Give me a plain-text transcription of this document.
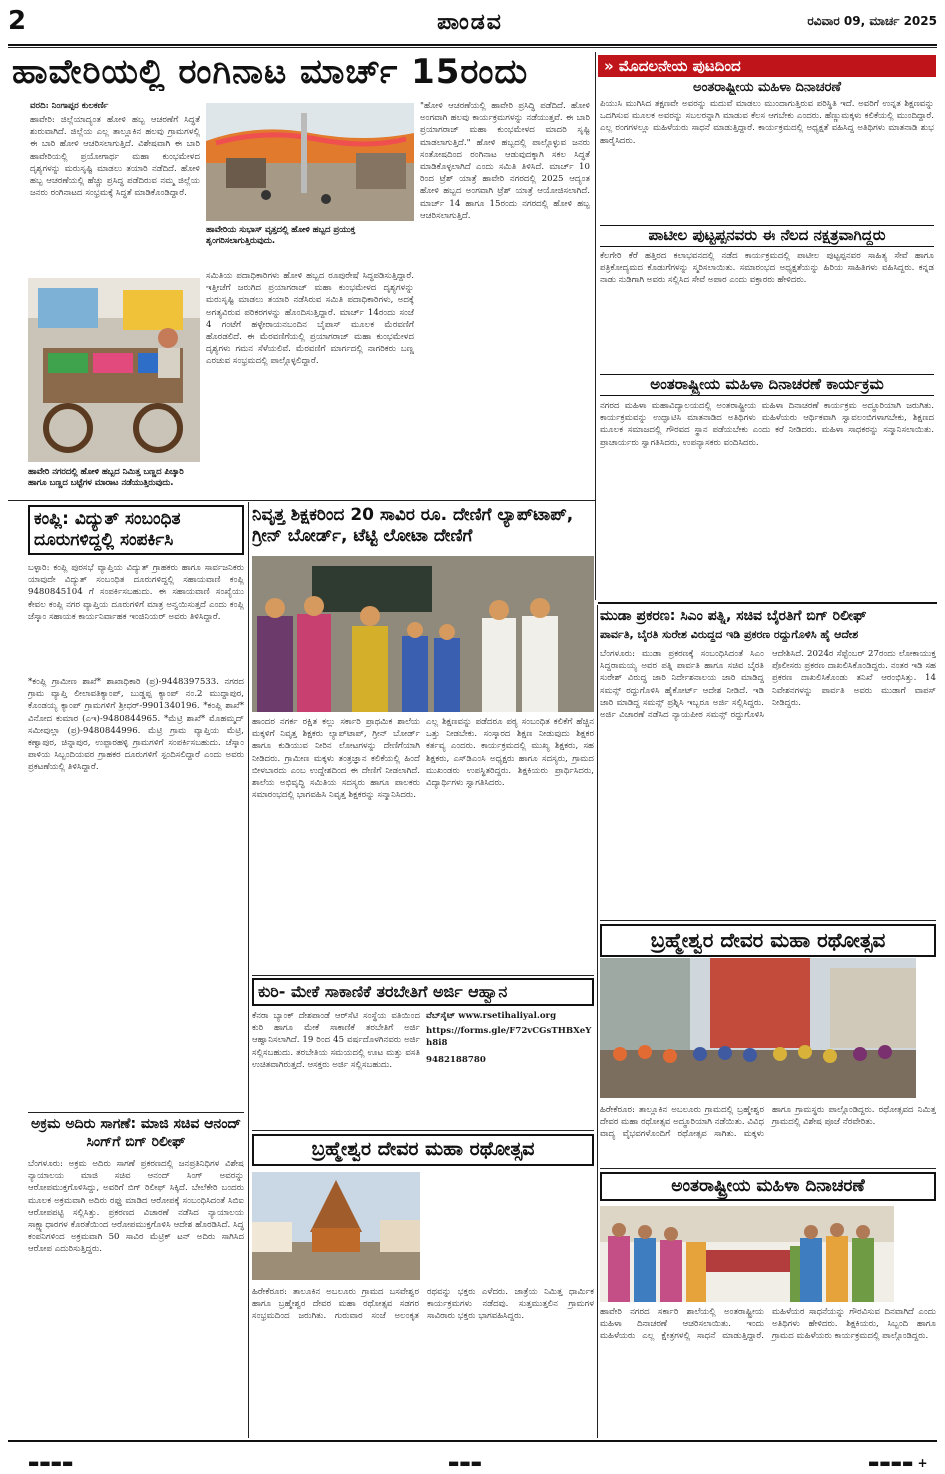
2	ಪಾಂಡವ	ರವಿವಾರ 09, ಮಾರ್ಚ 2025
ಹಾವೇರಿಯಲ್ಲಿ ರಂಗಿನಾಟ ಮಾರ್ಚ್ 15ರಂದು
ವರದಿ: ನಿಂಗಾಪ್ಪರ ಕುಲಕರ್ಣಿ
ಹಾವೇರಿ: ಜಿಲ್ಲೆಯಾದ್ಯಂತ ಹೋಳಿ ಹಬ್ಬ ಆಚರಣೆಗೆ ಸಿದ್ಧತೆ ಶುರುವಾಗಿದೆ. ಜಿಲ್ಲೆಯ ಎಲ್ಲ ತಾಲ್ಲೂಕಿನ ಹಲವು ಗ್ರಾಮಗಳಲ್ಲಿ ಈ ಬಾರಿ ಹೋಳಿ ಆಚರಿಸಲಾಗುತ್ತಿದೆ. ವಿಶೇಷವಾಗಿ ಈ ಬಾರಿ ಹಾವೇರಿಯಲ್ಲಿ ಪ್ರಯೋಗಾರ್ಥ ಮಹಾ ಕುಂಭಮೇಳದ ದೃಶ್ಯಗಳನ್ನು ಮರುಸೃಷ್ಟಿ ಮಾಡಲು ತಯಾರಿ ನಡೆದಿದೆ. ಹೋಳಿ ಹಬ್ಬ ಆಚರಣೆಯಲ್ಲಿ ಹೆಚ್ಚು ಪ್ರಸಿದ್ಧ ಪಡೆದಿರುವ ನಮ್ಮ ಜಿಲ್ಲೆಯ ಜನರು ರಂಗಿನಾಟದ ಸಂಭ್ರಮಕ್ಕೆ ಸಿದ್ಧತೆ ಮಾಡಿಕೊಂಡಿದ್ದಾರೆ.
ಹಾವೇರಿಯ ಸುಭಾಸ್ ವೃತ್ತದಲ್ಲಿ ಹೋಳಿ ಹಬ್ಬದ ಪ್ರಯುಕ್ತ ಶೃಂಗರಿಸಲಾಗುತ್ತಿರುವುದು.
ಹಾವೇರಿ ನಗರದಲ್ಲಿ ಹೋಳಿ ಹಬ್ಬದ ನಿಮಿತ್ತ ಬಣ್ಣದ ಪಿಚ್ಕಾರಿ ಹಾಗೂ ಬಣ್ಣದ ಬಟ್ಟೆಗಳ ಮಾರಾಟ ನಡೆಯುತ್ತಿರುವುದು.
ಸಮಿತಿಯ ಪದಾಧಿಕಾರಿಗಳು ಹೋಳಿ ಹಬ್ಬದ ರೂಪುರೇಷೆ ಸಿದ್ಧಪಡಿಸುತ್ತಿದ್ದಾರೆ. ಇತ್ತೀಚೆಗೆ ಜರುಗಿದ ಪ್ರಯಾಗರಾಜ್ ಮಹಾ ಕುಂಭಮೇಳದ ದೃಶ್ಯಗಳನ್ನು ಮರುಸೃಷ್ಟಿ ಮಾಡಲು ತಯಾರಿ ನಡೆಸಿರುವ ಸಮಿತಿ ಪದಾಧಿಕಾರಿಗಳು, ಅದಕ್ಕೆ ಅಗತ್ಯವಿರುವ ಪರಿಕರಗಳನ್ನು ಹೊಂದಿಸುತ್ತಿದ್ದಾರೆ. ಮಾರ್ಚ್ 14ರಂದು ಸಂಜೆ 4 ಗಂಟೆಗೆ ಹಳ್ಳೇರಾಯನಬಂದಿನ ಬೈಪಾಸ್ ಮೂಲಕ ಮೆರವಣಿಗೆ ಹೊರಡಲಿದೆ. ಈ ಮೆರವಣಿಗೆಯಲ್ಲಿ ಪ್ರಯಾಗರಾಜ್ ಮಹಾ ಕುಂಭಮೇಳದ ದೃಶ್ಯಗಳು ಗಮನ ಸೆಳೆಯಲಿವೆ. ಮೆರವಣಿಗೆ ಮಾರ್ಗದಲ್ಲಿ ನಾಗರಿಕರು ಬಣ್ಣ ಎರಚುವ ಸಂಭ್ರಮದಲ್ಲಿ ಪಾಲ್ಗೊಳ್ಳಲಿದ್ದಾರೆ.
"ಹೋಳಿ ಆಚರಣೆಯಲ್ಲಿ ಹಾವೇರಿ ಪ್ರಸಿದ್ಧಿ ಪಡೆದಿದೆ. ಹೋಳಿ ಅಂಗವಾಗಿ ಹಲವು ಕಾರ್ಯಕ್ರಮಗಳನ್ನು ನಡೆಯುತ್ತವೆ. ಈ ಬಾರಿ ಪ್ರಯಾಗರಾಜ್ ಮಹಾ ಕುಂಭಮೇಳದ ಮಾದರಿ ಸೃಷ್ಟಿ ಮಾಡಲಾಗುತ್ತಿದೆ." ಹೋಳಿ ಹಬ್ಬದಲ್ಲಿ ಪಾಲ್ಗೊಳ್ಳುವ ಜನರು ಸಂತೋಷದಿಂದ ರಂಗಿನಾಟ ಆಡುವುದಕ್ಕಾಗಿ ಸಕಲ ಸಿದ್ಧತೆ ಮಾಡಿಕೊಳ್ಳಲಾಗಿದೆ ಎಂದು ಸಮಿತಿ ತಿಳಿಸಿದೆ. ಮಾರ್ಚ್ 10 ರಿಂದ ಟ್ರೆಶ್ ಯಾತ್ರೆ ಹಾವೇರಿ ನಗರದಲ್ಲಿ 2025 ಆದ್ಯಂತ ಹೋಳಿ ಹಬ್ಬದ ಅಂಗವಾಗಿ ಟ್ರೆಶ್ ಯಾತ್ರೆ ಆಯೋಜಿಸಲಾಗಿದೆ. ಮಾರ್ಚ್ 14 ಹಾಗೂ 15ರಂದು ನಗರದಲ್ಲಿ ಹೋಳಿ ಹಬ್ಬ ಆಚರಿಸಲಾಗುತ್ತಿದೆ.
» ಮೊದಲನೇಯ ಪುಟದಿಂದ
ಅಂತರಾಷ್ಟ್ರೀಯ ಮಹಿಳಾ ದಿನಾಚರಣೆ
ಪಿಯುಸಿ ಮುಗಿಸಿದ ತಕ್ಷಣವೇ ಅವರನ್ನು ಮದುವೆ ಮಾಡಲು ಮುಂದಾಗುತ್ತಿರುವ ಪರಿಸ್ಥಿತಿ ಇದೆ. ಅವರಿಗೆ ಉನ್ನತ ಶಿಕ್ಷಣವನ್ನು ಒದಗಿಸುವ ಮೂಲಕ ಅವರನ್ನು ಸಬಲರನ್ನಾಗಿ ಮಾಡುವ ಕೆಲಸ ಆಗಬೇಕು ಎಂದರು. ಹೆಣ್ಣುಮಕ್ಕಳು ಕಲಿಕೆಯಲ್ಲಿ ಮುಂದಿದ್ದಾರೆ. ಎಲ್ಲ ರಂಗಗಳಲ್ಲೂ ಮಹಿಳೆಯರು ಸಾಧನೆ ಮಾಡುತ್ತಿದ್ದಾರೆ. ಕಾರ್ಯಕ್ರಮದಲ್ಲಿ ಅಧ್ಯಕ್ಷತೆ ವಹಿಸಿದ್ದ ಅತಿಥಿಗಳು ಮಾತನಾಡಿ ಶುಭ ಹಾರೈಸಿದರು.
ಪಾಟೀಲ ಪುಟ್ಟಪ್ಪನವರು ಈ ನೆಲದ ನಕ್ಷತ್ರವಾಗಿದ್ದರು
ಕೆಲಗೇರಿ ಕೆರೆ ಹತ್ತಿರದ ಕಲಾಭವನದಲ್ಲಿ ನಡೆದ ಕಾರ್ಯಕ್ರಮದಲ್ಲಿ ಪಾಟೀಲ ಪುಟ್ಟಪ್ಪನವರ ಸಾಹಿತ್ಯ ಸೇವೆ ಹಾಗೂ ಪತ್ರಿಕೋದ್ಯಮದ ಕೊಡುಗೆಗಳನ್ನು ಸ್ಮರಿಸಲಾಯಿತು. ಸಮಾರಂಭದ ಅಧ್ಯಕ್ಷತೆಯನ್ನು ಹಿರಿಯ ಸಾಹಿತಿಗಳು ವಹಿಸಿದ್ದರು. ಕನ್ನಡ ನಾಡು ನುಡಿಗಾಗಿ ಅವರು ಸಲ್ಲಿಸಿದ ಸೇವೆ ಅಪಾರ ಎಂದು ವಕ್ತಾರರು ಹೇಳಿದರು.
ಅಂತರಾಷ್ಟ್ರೀಯ ಮಹಿಳಾ ದಿನಾಚರಣೆ ಕಾರ್ಯಕ್ರಮ
ನಗರದ ಮಹಿಳಾ ಮಹಾವಿದ್ಯಾಲಯದಲ್ಲಿ ಅಂತರಾಷ್ಟ್ರೀಯ ಮಹಿಳಾ ದಿನಾಚರಣೆ ಕಾರ್ಯಕ್ರಮ ಅದ್ಧೂರಿಯಾಗಿ ಜರುಗಿತು. ಕಾರ್ಯಕ್ರಮವನ್ನು ಉದ್ಘಾಟಿಸಿ ಮಾತನಾಡಿದ ಅತಿಥಿಗಳು ಮಹಿಳೆಯರು ಆರ್ಥಿಕವಾಗಿ ಸ್ವಾವಲಂಬಿಗಳಾಗಬೇಕು, ಶಿಕ್ಷಣದ ಮೂಲಕ ಸಮಾಜದಲ್ಲಿ ಗೌರವದ ಸ್ಥಾನ ಪಡೆಯಬೇಕು ಎಂದು ಕರೆ ನೀಡಿದರು. ಮಹಿಳಾ ಸಾಧಕರನ್ನು ಸನ್ಮಾನಿಸಲಾಯಿತು. ಪ್ರಾಚಾರ್ಯರು ಸ್ವಾಗತಿಸಿದರು, ಉಪನ್ಯಾಸಕರು ವಂದಿಸಿದರು.
ಕಂಪ್ಲಿ: ವಿದ್ಯುತ್ ಸಂಬಂಧಿತ ದೂರುಗಳಿದ್ದಲ್ಲಿ ಸಂಪರ್ಕಿಸಿ
ಬಳ್ಳಾರಿ: ಕಂಪ್ಲಿ ಪುರಸಭೆ ವ್ಯಾಪ್ತಿಯ ವಿದ್ಯುತ್ ಗ್ರಾಹಕರು ಹಾಗೂ ಸಾರ್ವಜನಿಕರು ಯಾವುದೇ ವಿದ್ಯುತ್ ಸಂಬಂಧಿತ ದೂರುಗಳಿದ್ದಲ್ಲಿ ಸಹಾಯವಾಣಿ ಕಂಪ್ಲಿ 9480845104 ಗೆ ಸಂಪರ್ಕಿಸಬಹುದು. ಈ ಸಹಾಯವಾಣಿ ಸಂಖ್ಯೆಯು ಕೇವಲ ಕಂಪ್ಲಿ ನಗರ ವ್ಯಾಪ್ತಿಯ ದೂರುಗಳಿಗೆ ಮಾತ್ರ ಅನ್ವಯಿಸುತ್ತದೆ ಎಂದು ಕಂಪ್ಲಿ ಜೆಸ್ಕಾಂ ಸಹಾಯಕ ಕಾರ್ಯನಿರ್ವಾಹಕ ಇಂಜಿನಿಯರ್ ಅವರು ತಿಳಿಸಿದ್ದಾರೆ.
*ಕಂಪ್ಲಿ ಗ್ರಾಮೀಣ ಶಾಖೆ* ಶಾಖಾಧಿಕಾರಿ (ಪ್ರ)-9448397533. ನಗರದ ಗ್ರಾಮ ವ್ಯಾಪ್ತಿ ಲೀಲಾವತಿಕ್ಯಾಂಪ್, ಬುಡ್ಡಪ್ಪ ಕ್ಯಾಂಪ್ ನಂ.2 ಮುದ್ದಾಪುರ, ಕೊಂಡಯ್ಯ ಕ್ಯಾಂಪ್ ಗ್ರಾಮಗಳಿಗೆ ಶ್ರೀಧರ್-9901340196. *ಕಂಪ್ಲಿ ಶಾಖೆ* ವಿನೋದ ಕುಮಾರ (ಎಇ)-9480844965. *ಮೆಟ್ರಿ ಶಾಖೆ* ಮೊಹಮ್ಮದ್ ಸಮೀವುಲ್ಲಾ (ಪ್ರ)-9480844996. ಮೆಟ್ರಿ ಗ್ರಾಮ ವ್ಯಾಪ್ತಿಯ ಮೆಟ್ರಿ, ಕಣ್ವಾಪುರ, ಚಿನ್ನಾಪುರ, ಉಪ್ಪಾರಹಳ್ಳಿ ಗ್ರಾಮಗಳಿಗೆ ಸಂಪರ್ಕಿಸಬಹುದು. ಚೆಸ್ಕಾಂ ಪಾಳಿಯ ಸಿಬ್ಬಂದಿಯವರ ಗ್ರಾಹಕರ ದೂರುಗಳಿಗೆ ಸ್ಪಂದಿಸಲಿದ್ದಾರೆ ಎಂದು ಅವರು ಪ್ರಕಟಣೆಯಲ್ಲಿ ತಿಳಿಸಿದ್ದಾರೆ.
ಅಕ್ರಮ ಅದಿರು ಸಾಗಣೆ: ಮಾಜಿ ಸಚಿವ ಆನಂದ್ ಸಿಂಗ್‌ಗೆ ಬಿಗ್ ರಿಲೀಫ್
ಬೆಂಗಳೂರು: ಅಕ್ರಮ ಅದಿರು ಸಾಗಣೆ ಪ್ರಕರಣದಲ್ಲಿ ಜನಪ್ರತಿನಿಧಿಗಳ ವಿಶೇಷ ನ್ಯಾಯಾಲಯ ಮಾಜಿ ಸಚಿವ ಆನಂದ್ ಸಿಂಗ್ ಅವರನ್ನು ಆರೋಪಮುಕ್ತಗೊಳಿಸಿದ್ದು, ಅವರಿಗೆ ಬಿಗ್ ರಿಲೀಫ್ ಸಿಕ್ಕಿದೆ. ಬೇಲೆಕೇರಿ ಬಂದರು ಮೂಲಕ ಅಕ್ರಮವಾಗಿ ಅದಿರು ರಫ್ತು ಮಾಡಿದ ಆರೋಪಕ್ಕೆ ಸಂಬಂಧಿಸಿದಂತೆ ಸಿಬಿಐ ಆರೋಪಪಟ್ಟಿ ಸಲ್ಲಿಸಿತ್ತು. ಪ್ರಕರಣದ ವಿಚಾರಣೆ ನಡೆಸಿದ ನ್ಯಾಯಾಲಯ ಸಾಕ್ಷ್ಯಾಧಾರಗಳ ಕೊರತೆಯಿಂದ ಆರೋಪಮುಕ್ತಗೊಳಿಸಿ ಆದೇಶ ಹೊರಡಿಸಿದೆ. ಸಿದ್ಧ ಕಂಪನಿಗಳಿಂದ ಅಕ್ರಮವಾಗಿ 50 ಸಾವಿರ ಮೆಟ್ರಿಕ್ ಟನ್ ಅದಿರು ಸಾಗಿಸಿದ ಆರೋಪ ಎದುರಿಸುತ್ತಿದ್ದರು.
ನಿವೃತ್ತ ಶಿಕ್ಷಕರಿಂದ 20 ಸಾವಿರ ರೂ. ದೇಣಿಗೆ ಲ್ಯಾಪ್‌ಟಾಪ್, ಗ್ರೀನ್ ಬೋರ್ಡ್, ಟೆಟ್ಟಿ ಲೋಟಾ ದೇಣಿಗೆ
ಹಾಂದರ ನಗರ್ಕ ರಕ್ಷಿತ ಕಲ್ಲು ಸರ್ಕಾರಿ ಪ್ರಾಥಮಿಕ ಶಾಲೆಯ ಮಕ್ಕಳಿಗೆ ನಿವೃತ್ತ ಶಿಕ್ಷಕರು ಲ್ಯಾಪ್‌ಟಾಪ್, ಗ್ರೀನ್ ಬೋರ್ಡ್ ಹಾಗೂ ಕುಡಿಯುವ ನೀರಿನ ಲೋಟಗಳನ್ನು ದೇಣಿಗೆಯಾಗಿ ನೀಡಿದರು. ಗ್ರಾಮೀಣ ಮಕ್ಕಳು ತಂತ್ರಜ್ಞಾನ ಕಲಿಕೆಯಲ್ಲಿ ಹಿಂದೆ ಬೀಳಬಾರದು ಎಂಬ ಉದ್ದೇಶದಿಂದ ಈ ದೇಣಿಗೆ ನೀಡಲಾಗಿದೆ. ಶಾಲೆಯ ಅಭಿವೃದ್ಧಿ ಸಮಿತಿಯ ಸದಸ್ಯರು ಹಾಗೂ ಪಾಲಕರು ಸಮಾರಂಭದಲ್ಲಿ ಭಾಗವಹಿಸಿ ನಿವೃತ್ತ ಶಿಕ್ಷಕರನ್ನು ಸನ್ಮಾನಿಸಿದರು.
ಎಲ್ಲ ಶಿಕ್ಷಣವನ್ನು ಪಡೆದರೂ ಪಠ್ಯ ಸಂಬಂಧಿತ ಕಲಿಕೆಗೆ ಹೆಚ್ಚಿನ ಒತ್ತು ನೀಡಬೇಕು. ಸಂಸ್ಕಾರದ ಶಿಕ್ಷಣ ನೀಡುವುದು ಶಿಕ್ಷಕರ ಕರ್ತವ್ಯ ಎಂದರು. ಕಾರ್ಯಕ್ರಮದಲ್ಲಿ ಮುಖ್ಯ ಶಿಕ್ಷಕರು, ಸಹ ಶಿಕ್ಷಕರು, ಎಸ್‌ಡಿಎಂಸಿ ಅಧ್ಯಕ್ಷರು ಹಾಗೂ ಸದಸ್ಯರು, ಗ್ರಾಮದ ಮುಖಂಡರು ಉಪಸ್ಥಿತರಿದ್ದರು. ಶಿಕ್ಷಕಿಯರು ಪ್ರಾರ್ಥಿಸಿದರು, ವಿದ್ಯಾರ್ಥಿಗಳು ಸ್ವಾಗತಿಸಿದರು.
ಕುರಿ- ಮೇಕೆ ಸಾಕಾಣಿಕೆ ತರಬೇತಿಗೆ ಅರ್ಜಿ ಆಹ್ವಾನ
ಕೆನರಾ ಬ್ಯಾಂಕ್ ದೇಶಪಾಂಡೆ ಆರ್‌ಸೆಟಿ ಸಂಸ್ಥೆಯ ವತಿಯಿಂದ ಕುರಿ ಹಾಗೂ ಮೇಕೆ ಸಾಕಾಣಿಕೆ ತರಬೇತಿಗೆ ಅರ್ಜಿ ಆಹ್ವಾನಿಸಲಾಗಿದೆ. 19 ರಿಂದ 45 ವರ್ಷದೊಳಗಿನವರು ಅರ್ಜಿ ಸಲ್ಲಿಸಬಹುದು. ತರಬೇತಿಯ ಸಮಯದಲ್ಲಿ ಊಟ ಮತ್ತು ವಸತಿ ಉಚಿತವಾಗಿರುತ್ತದೆ. ಆಸಕ್ತರು ಅರ್ಜಿ ಸಲ್ಲಿಸಬಹುದು.
ವೆಬ್‌ಸೈಟ್ www.rsetihaliyal.org
https://forms.gle/F72vCGsTHBXeYh8i8
9482188780
ಬ್ರಹ್ಮೇಶ್ವರ ದೇವರ ಮಹಾ ರಥೋತ್ಸವ
ಹಿರೇಕೆರೂರ: ತಾಲೂಕಿನ ಅಬಲೂರು ಗ್ರಾಮದ ಬಸವೇಶ್ವರ ಹಾಗೂ ಬ್ರಹ್ಮೇಶ್ವರ ದೇವರ ಮಹಾ ರಥೋತ್ಸವ ಸಡಗರ ಸಂಭ್ರಮದಿಂದ ಜರುಗಿತು. ಗುರುವಾರ ಸಂಜೆ ಅಲಂಕೃತ ರಥವನ್ನು ಭಕ್ತರು ಎಳೆದರು. ಜಾತ್ರೆಯ ನಿಮಿತ್ತ ಧಾರ್ಮಿಕ ಕಾರ್ಯಕ್ರಮಗಳು ನಡೆದವು. ಸುತ್ತಮುತ್ತಲಿನ ಗ್ರಾಮಗಳ ಸಾವಿರಾರು ಭಕ್ತರು ಭಾಗವಹಿಸಿದ್ದರು.
ಮುಡಾ ಪ್ರಕರಣ: ಸಿಎಂ ಪತ್ನಿ, ಸಚಿವ ಬೈರತಿಗೆ ಬಿಗ್ ರಿಲೀಫ್
ಪಾರ್ವತಿ, ಬೈರತಿ ಸುರೇಶ ವಿರುದ್ಧದ ಇಡಿ ಪ್ರಕರಣ ರದ್ದುಗೊಳಿಸಿ ಹೈ ಆದೇಶ
ಬೆಂಗಳೂರು: ಮುಡಾ ಪ್ರಕರಣಕ್ಕೆ ಸಂಬಂಧಿಸಿದಂತೆ ಸಿಎಂ ಸಿದ್ದರಾಮಯ್ಯ ಅವರ ಪತ್ನಿ ಪಾರ್ವತಿ ಹಾಗೂ ಸಚಿವ ಬೈರತಿ ಸುರೇಶ್ ವಿರುದ್ಧ ಜಾರಿ ನಿರ್ದೇಶನಾಲಯ ಜಾರಿ ಮಾಡಿದ್ದ ಸಮನ್ಸ್ ರದ್ದುಗೊಳಿಸಿ ಹೈಕೋರ್ಟ್ ಆದೇಶ ನೀಡಿದೆ. ಇಡಿ ಜಾರಿ ಮಾಡಿದ್ದ ಸಮನ್ಸ್ ಪ್ರಶ್ನಿಸಿ ಇಬ್ಬರೂ ಅರ್ಜಿ ಸಲ್ಲಿಸಿದ್ದರು. ಅರ್ಜಿ ವಿಚಾರಣೆ ನಡೆಸಿದ ನ್ಯಾಯಪೀಠ ಸಮನ್ಸ್ ರದ್ದುಗೊಳಿಸಿ ಆದೇಶಿಸಿದೆ. 2024ರ ಸೆಪ್ಟೆಂಬರ್ 27ರಂದು ಲೋಕಾಯುಕ್ತ ಪೊಲೀಸರು ಪ್ರಕರಣ ದಾಖಲಿಸಿಕೊಂಡಿದ್ದರು. ನಂತರ ಇಡಿ ಸಹ ಪ್ರಕರಣ ದಾಖಲಿಸಿಕೊಂಡು ತನಿಖೆ ಆರಂಭಿಸಿತ್ತು. 14 ನಿವೇಶನಗಳನ್ನು ಪಾರ್ವತಿ ಅವರು ಮುಡಾಗೆ ವಾಪಸ್ ನೀಡಿದ್ದರು.
ಬ್ರಹ್ಮೇಶ್ವರ ದೇವರ ಮಹಾ ರಥೋತ್ಸವ
ಹಿರೇಕೆರೂರ: ತಾಲ್ಲೂಕಿನ ಅಬಲೂರು ಗ್ರಾಮದಲ್ಲಿ ಬ್ರಹ್ಮೇಶ್ವರ ದೇವರ ಮಹಾ ರಥೋತ್ಸವ ಅದ್ಧೂರಿಯಾಗಿ ನಡೆಯಿತು. ವಿವಿಧ ವಾದ್ಯ ವೈಭವಗಳೊಂದಿಗೆ ರಥೋತ್ಸವ ಸಾಗಿತು. ಮಕ್ಕಳು ಹಾಗೂ ಗ್ರಾಮಸ್ಥರು ಪಾಲ್ಗೊಂಡಿದ್ದರು. ರಥೋತ್ಸವದ ನಿಮಿತ್ತ ಗ್ರಾಮದಲ್ಲಿ ವಿಶೇಷ ಪೂಜೆ ನೆರವೇರಿತು.
ಅಂತರಾಷ್ಟ್ರೀಯ ಮಹಿಳಾ ದಿನಾಚರಣೆ
ಹಾವೇರಿ ನಗರದ ಸರ್ಕಾರಿ ಶಾಲೆಯಲ್ಲಿ ಅಂತರಾಷ್ಟ್ರೀಯ ಮಹಿಳಾ ದಿನಾಚರಣೆ ಆಚರಿಸಲಾಯಿತು. ಇಂದು ಮಹಿಳೆಯರು ಎಲ್ಲ ಕ್ಷೇತ್ರಗಳಲ್ಲಿ ಸಾಧನೆ ಮಾಡುತ್ತಿದ್ದಾರೆ. ಮಹಿಳೆಯರ ಸಾಧನೆಯನ್ನು ಗೌರವಿಸುವ ದಿನವಾಗಿದೆ ಎಂದು ಅತಿಥಿಗಳು ಹೇಳಿದರು. ಶಿಕ್ಷಕಿಯರು, ಸಿಬ್ಬಂದಿ ಹಾಗೂ ಗ್ರಾಮದ ಮಹಿಳೆಯರು ಕಾರ್ಯಕ್ರಮದಲ್ಲಿ ಪಾಲ್ಗೊಂಡಿದ್ದರು.
▬▬▬▬	▬▬▬	▬▬▬▬ +
